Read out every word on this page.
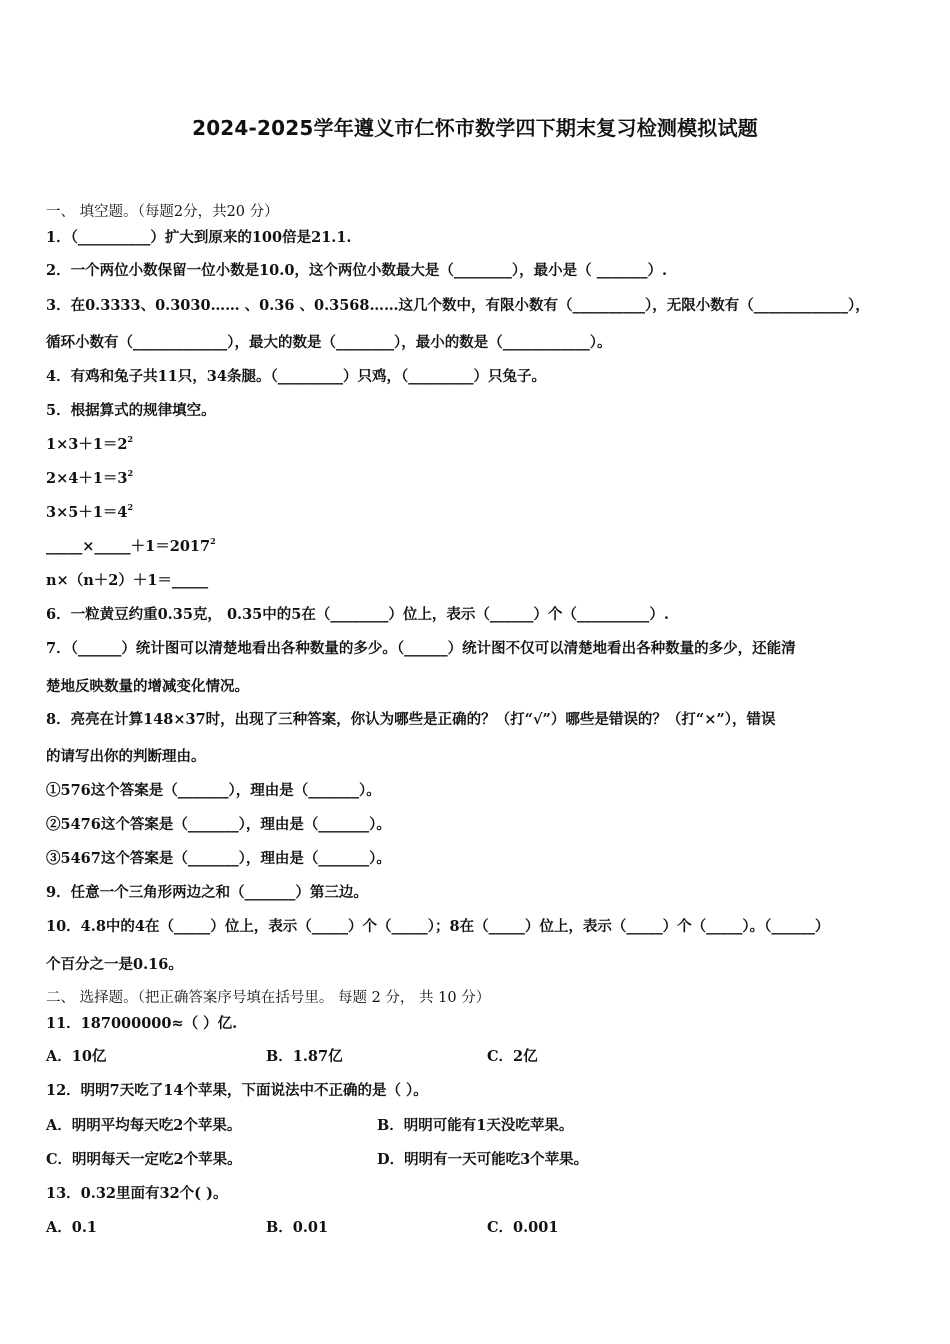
2024-2025学年遵义市仁怀市数学四下期末复习检测模拟试题
一、 填空题。（每题2分，共20 分）
1．（__________）扩大到原来的100倍是21.1.
2．一个两位小数保留一位小数是10.0，这个两位小数最大是（________），最小是（ _______）.
3．在0.3333、0.3030…… 、0.36 、0.3568……这几个数中，有限小数有（__________），无限小数有（_____________），
循环小数有（_____________），最大的数是（________），最小的数是（____________）。
4．有鸡和兔子共11只，34条腿。（_________）只鸡，（_________）只兔子。
5．根据算式的规律填空。
$1\times 3+1=2^2$
$2\times 4+1=3^2$
$3\times 5+1=4^2$
$\_\_\_\_\_\times\_\_\_\_\_+1=2017^2$
n×（n＋2）＋1＝_____
6．一粒黄豆约重0.35克， 0.35中的5在（________）位上，表示（______）个（__________）.
7．（______）统计图可以清楚地看出各种数量的多少。（______）统计图不仅可以清楚地看出各种数量的多少，还能清
楚地反映数量的增减变化情况。
8．亮亮在计算148×37时，出现了三种答案，你认为哪些是正确的？（打“√”）哪些是错误的？（打“×”），错误
的请写出你的判断理由。
①576这个答案是（_______），理由是（_______）。
②5476这个答案是（_______），理由是（_______）。
③5467这个答案是（_______），理由是（_______）。
9．任意一个三角形两边之和（_______）第三边。
10．4.8中的4在（_____）位上，表示（_____）个（_____）；8在（_____）位上，表示（_____）个（_____）。（______）
个百分之一是0.16。
二、 选择题。（把正确答案序号填在括号里。 每题 2 分， 共 10 分）
11．187000000≈（ ）亿.
A．10亿	B．1.87亿	C．2亿
12．明明7天吃了14个苹果，下面说法中不正确的是（ ）。
A．明明平均每天吃2个苹果。	B．明明可能有1天没吃苹果。
C．明明每天一定吃2个苹果。	D．明明有一天可能吃3个苹果。
13．0.32里面有32个( )。
A．0.1	B．0.01	C．0.001
